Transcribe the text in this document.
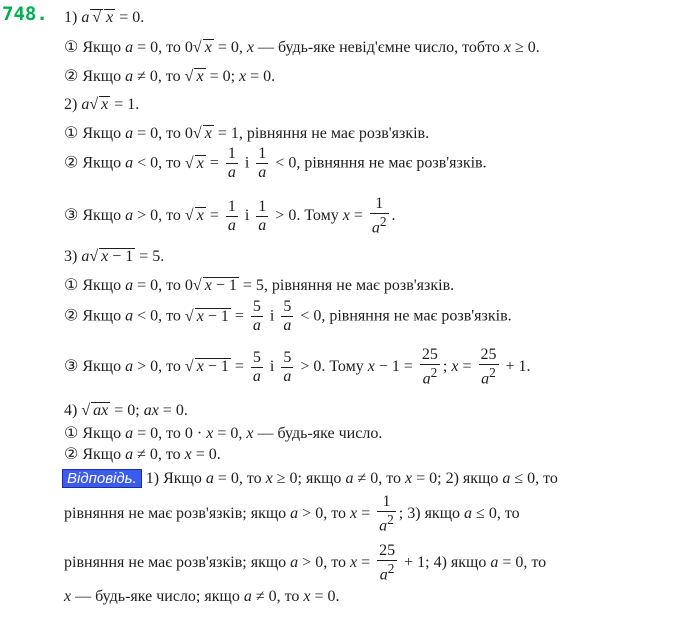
748. 1) a √ x = 0.
① Якщо a = 0, то 0 √ x = 0, x — будь-яке невід'ємне число, тобто x ≥ 0.
② Якщо a ≠ 0, то √ x = 0; x = 0.
2) a √ x = 1.
① Якщо a = 0, то 0 √ x = 1, рівняння не має розв'язків.
② Якщо a < 0, то √ $x = \frac{1}{a}$ і $\frac{1}{a} < 0$, рівняння не має розв'язків.
③ Якщо a > 0, то √ $x = \frac{1}{a}$ і $\frac{1}{a} > 0$. Тому $x = \frac{1}{a^2}$ .
3) a √ x − 1 = 5.
① Якщо a = 0, то 0 √ x − 1 = 5, рівняння не має розв'язків.
② Якщо a < 0, то √ $x - 1 = \frac{5}{a}$ і $\frac{5}{a} < 0$, рівняння не має розв'язків.
③ Якщо a > 0, то √ $x - 1 = \frac{5}{a}$ і $\frac{5}{a} > 0$. Тому $x - 1 = \frac{25}{a^2}$ ; $x = \frac{25}{a^2} + 1$.
4) √ ax = 0; ax = 0.
① Якщо a = 0, то 0 · x = 0, x — будь-яке число.
② Якщо a ≠ 0, то x = 0.
Відповідь. 1) Якщо a = 0, то x ≥ 0; якщо a ≠ 0, то x = 0; 2) якщо a ≤ 0, то
рівняння не має розв'язків; якщо a > 0, то $x = \frac{1}{a^2}$ ; 3) якщо a ≤ 0, то
рівняння не має розв'язків; якщо a > 0, то $x = \frac{25}{a^2} + 1$; 4) якщо a = 0, то
x — будь-яке число; якщо a ≠ 0, то x = 0.
